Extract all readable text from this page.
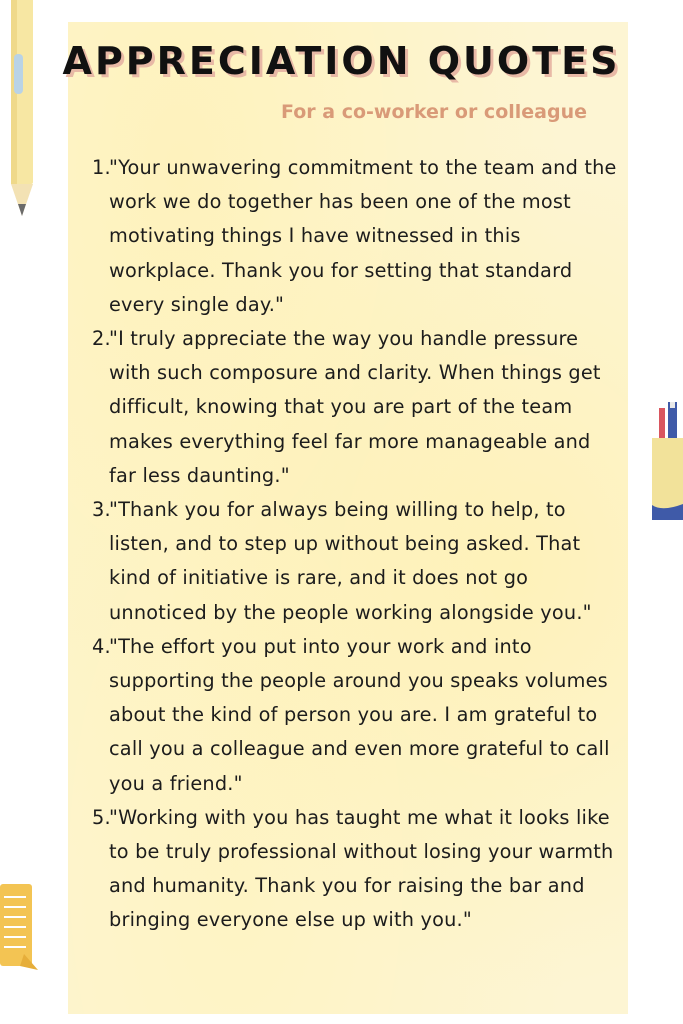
APPRECIATION QUOTES

For a co-worker or colleague

1.
"Your unwavering commitment to the team and the work we do together has been one of the most motivating things I have witnessed in this workplace. Thank you for setting that standard every single day."
2.
"I truly appreciate the way you handle pressure with such composure and clarity. When things get difficult, knowing that you are part of the team makes everything feel far more manageable and far less daunting."
3.
"Thank you for always being willing to help, to listen, and to step up without being asked. That kind of initiative is rare, and it does not go unnoticed by the people working alongside you."
4.
"The effort you put into your work and into supporting the people around you speaks volumes about the kind of person you are. I am grateful to call you a colleague and even more grateful to call you a friend."
5.
"Working with you has taught me what it looks like to be truly professional without losing your warmth and humanity. Thank you for raising the bar and bringing everyone else up with you."
